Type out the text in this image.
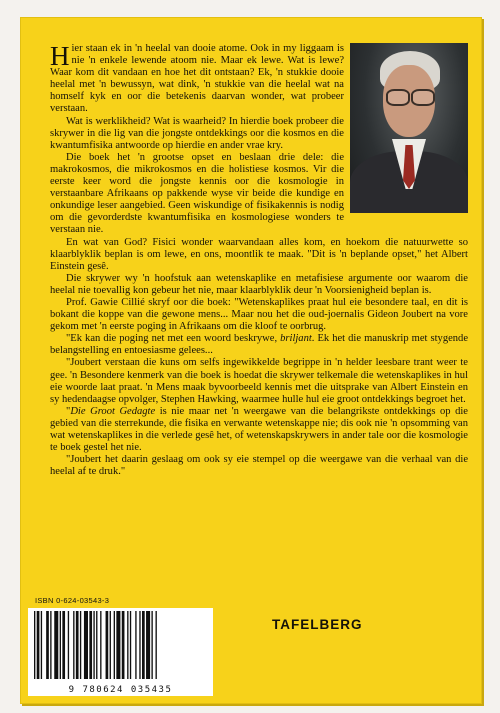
Hier staan ek in 'n heelal van dooie atome. Ook in my liggaam is nie 'n enkele lewende atoom nie. Maar ek lewe. Wat is lewe? Waar kom dit vandaan en hoe het dit ontstaan? Ek, 'n stukkie dooie heelal met 'n bewussyn, wat dink, 'n stukkie van die heelal wat na homself kyk en oor die betekenis daarvan wonder, wat probeer verstaan.

Wat is werklikheid? Wat is waarheid? In hierdie boek probeer die skrywer in die lig van die jongste ontdekkings oor die kosmos en die kwantumfisika antwoorde op hierdie en ander vrae kry.

Die boek het 'n grootse opset en beslaan drie dele: die makrokosmos, die mikrokosmos en die holistiese kosmos. Vir die eerste keer word die jongste kennis oor die kosmologie in verstaanbare Afrikaans op pakkende wyse vir beide die kundige en onkundige leser aangebied. Geen wiskundige of fisikakennis is nodig om die gevorderdste kwantumfisika en kosmologiese wonders te verstaan nie.

En wat van God? Fisici wonder waarvandaan alles kom, en hoekom die natuurwette so klaarblyklik beplan is om lewe, en ons, moontlik te maak. "Dit is 'n beplande opset," het Albert Einstein gesê.

Die skrywer wy 'n hoofstuk aan wetenskaplike en metafisiese argumente oor waarom die heelal nie toevallig kon gebeur het nie, maar klaarblyklik deur 'n Voorsienigheid beplan is.

Prof. Gawie Cillié skryf oor die boek: "Wetenskaplikes praat hul eie besondere taal, en dit is bokant die koppe van die gewone mens... Maar nou het die oud-joernalis Gideon Joubert na vore gekom met 'n eerste poging in Afrikaans om die kloof te oorbrug.

"Ek kan die poging net met een woord beskrywe, briljant. Ek het die manuskrip met stygende belangstelling en entoesiasme gelees...

"Joubert verstaan die kuns om selfs ingewikkelde begrippe in 'n helder leesbare trant weer te gee. 'n Besondere kenmerk van die boek is hoedat die skrywer telkemale die wetenskaplikes in hul eie woorde laat praat. 'n Mens maak byvoorbeeld kennis met die uitsprake van Albert Einstein en sy hedendaagse opvolger, Stephen Hawking, waarmee hulle hul eie groot ontdekkings begroet het.

"Die Groot Gedagte is nie maar net 'n weergawe van die belangrikste ontdekkings op die gebied van die sterrekunde, die fisika en verwante wetenskappe nie; dis ook nie 'n opsomming van wat wetenskaplikes in die verlede gesê het, of wetenskapskrywers in ander tale oor die kosmologie te boek gestel het nie.

"Joubert het daarin geslaag om ook sy eie stempel op die weergawe van die verhaal van die heelal af te druk."

TAFELBERG
ISBN 0-624-03543-3
9 780624 035435
